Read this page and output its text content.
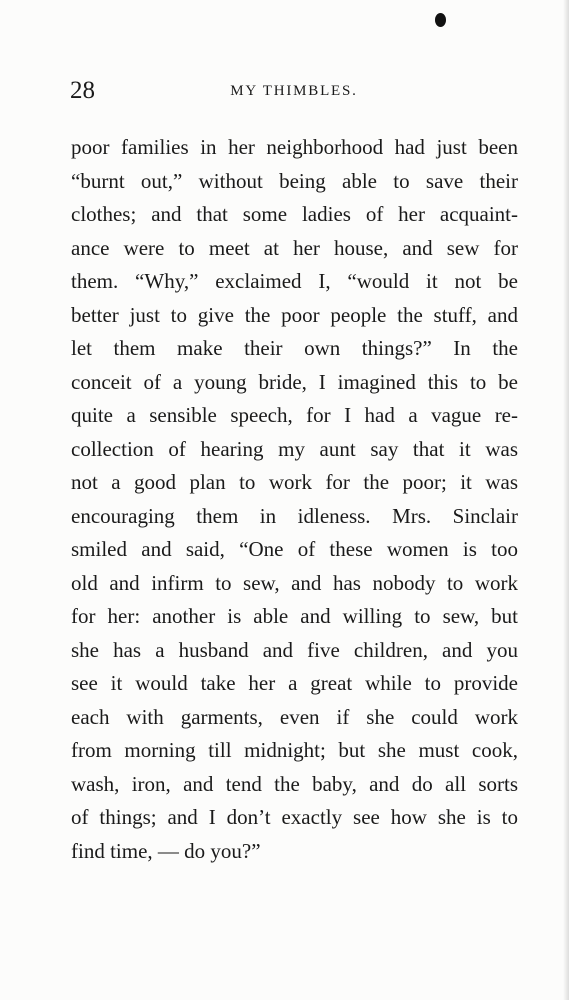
28	MY THIMBLES.
poor families in her neighborhood had just been
“burnt out,” without being able to save their
clothes; and that some ladies of her acquaint-
ance were to meet at her house, and sew for
them. “Why,” exclaimed I, “would it not be
better just to give the poor people the stuff, and
let them make their own things?” In the
conceit of a young bride, I imagined this to be
quite a sensible speech, for I had a vague re-
collection of hearing my aunt say that it was
not a good plan to work for the poor; it was
encouraging them in idleness. Mrs. Sinclair
smiled and said, “One of these women is too
old and infirm to sew, and has nobody to work
for her: another is able and willing to sew, but
she has a husband and five children, and you
see it would take her a great while to provide
each with garments, even if she could work
from morning till midnight; but she must cook,
wash, iron, and tend the baby, and do all sorts
of things; and I don’t exactly see how she is to
find time, — do you?”
